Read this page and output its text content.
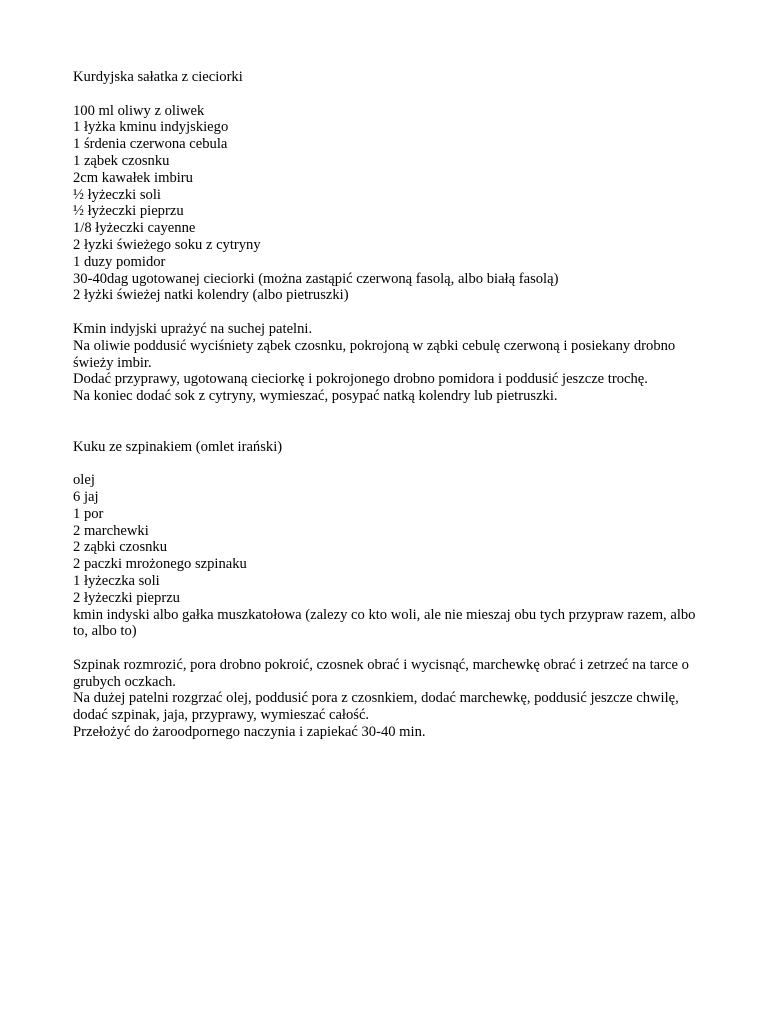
Kurdyjska sałatka z cieciorki
100 ml oliwy z oliwek
1 łyżka kminu indyjskiego
1 śrdenia czerwona cebula
1 ząbek czosnku
2cm kawałek imbiru
½ łyżeczki soli
½ łyżeczki pieprzu
1/8 łyżeczki cayenne
2 łyzki świeżego soku z cytryny
1 duzy pomidor
30-40dag ugotowanej cieciorki (można zastąpić czerwoną fasolą, albo białą fasolą)
2 łyżki świeżej natki kolendry (albo pietruszki)
Kmin indyjski uprażyć na suchej patelni.
Na oliwie poddusić wyciśniety ząbek czosnku, pokrojoną w ząbki cebulę czerwoną i posiekany drobno świeży imbir.
Dodać przyprawy, ugotowaną cieciorkę i pokrojonego drobno pomidora i poddusić jeszcze trochę.
Na koniec dodać sok z cytryny, wymieszać, posypać natką kolendry lub pietruszki.
Kuku ze szpinakiem (omlet irański)
olej
6 jaj
1 por
2 marchewki
2 ząbki czosnku
2 paczki mrożonego szpinaku
1 łyżeczka soli
2 łyżeczki pieprzu
kmin indyski albo gałka muszkatołowa (zalezy co kto woli, ale nie mieszaj obu tych przypraw razem, albo to, albo to)
Szpinak rozmrozić, pora drobno pokroić, czosnek obrać i wycisnąć, marchewkę obrać i zetrzeć na tarce o grubych oczkach.
Na dużej patelni rozgrzać olej, poddusić pora z czosnkiem, dodać marchewkę, poddusić jeszcze chwilę, dodać szpinak, jaja, przyprawy, wymieszać całość.
Przełożyć do żaroodpornego naczynia i zapiekać 30-40 min.
